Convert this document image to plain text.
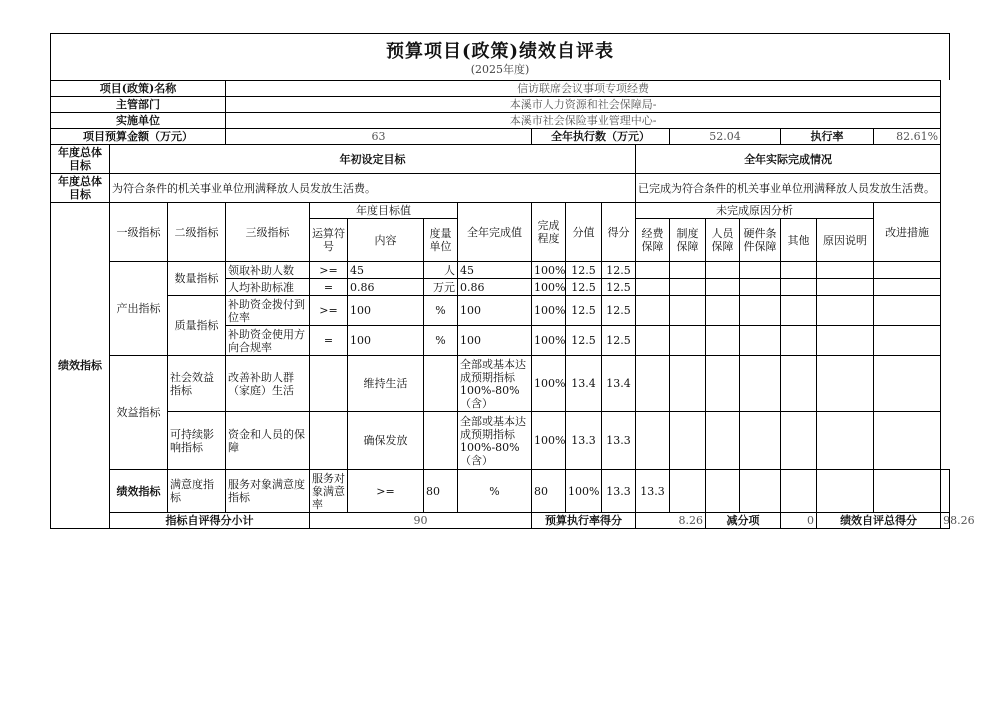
预算项目(政策)绩效自评表
(2025年度)
项目(政策)名称			信访联席会议事项专项经费															
主管部门			本溪市人力资源和社会保障局-															
实施单位			本溪市社会保险事业管理中心-															
项目预算金额（万元）			63					全年执行数（万元）				52.04			执行率		82.61%	
年度总体目标	年初设定目标										全年实际完成情况							
年度总体目标	为符合条件的机关事业单位刑满释放人员发放生活费。										已完成为符合条件的机关事业单位刑满释放人员发放生活费。							
绩效指标	一级指标	二级指标	三级指标	年度目标值			全年完成值	完成程度	分值	得分	未完成原因分析						改进措施	
				运算符号	内容	度量单位					经费保障	制度保障	人员保障	硬件条件保障	其他	原因说明		

	产出指标	数量指标	领取补助人数	>=	45	人	45	100%	12.5	12.5								
			人均补助标准	=	0.86	万元	0.86	100%	12.5	12.5								
		质量指标	补助资金拨付到位率	>=	100	%	100	100%	12.5	12.5								
			补助资金使用方向合规率	=	100	%	100	100%	12.5	12.5								
	效益指标	社会效益指标	改善补助人群（家庭）生活		维持生活		全部或基本达成预期指标100%-80%（含）	100%	13.4	13.4								
		可持续影响指标	资金和人员的保障		确保发放		全部或基本达成预期指标100%-80%（含）	100%	13.3	13.3								
	绩效指标	满意度指标	服务对象满意度指标	服务对象满意率	>=	80	%	80	100%	13.3	13.3							
	指标自评得分小计			90				预算执行率得分			8.26		减分项		0	绩效自评总得分		98.26
